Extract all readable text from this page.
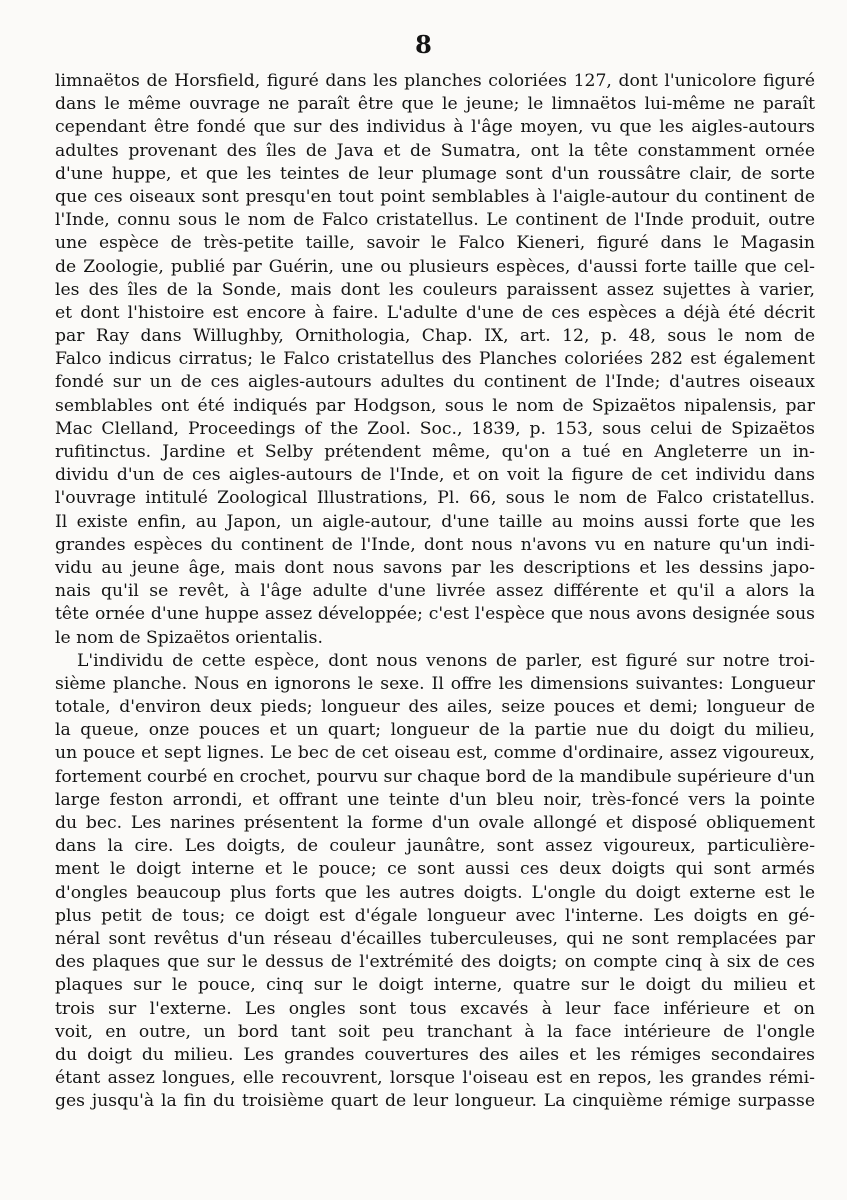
8
limnaëtos de Horsfield, figuré dans les planches coloriées 127, dont l'unicolore figuré
dans le même ouvrage ne paraît être que le jeune; le limnaëtos lui-même ne paraît
cependant être fondé que sur des individus à l'âge moyen, vu que les aigles-autours
adultes provenant des îles de Java et de Sumatra, ont la tête constamment ornée
d'une huppe, et que les teintes de leur plumage sont d'un roussâtre clair, de sorte
que ces oiseaux sont presqu'en tout point semblables à l'aigle-autour du continent de
l'Inde, connu sous le nom de Falco cristatellus. Le continent de l'Inde produit, outre
une espèce de très-petite taille, savoir le Falco Kieneri, figuré dans le Magasin
de Zoologie, publié par Guérin, une ou plusieurs espèces, d'aussi forte taille que cel-
les des îles de la Sonde, mais dont les couleurs paraissent assez sujettes à varier,
et dont l'histoire est encore à faire. L'adulte d'une de ces espèces a déjà été décrit
par Ray dans Willughby, Ornithologia, Chap. IX, art. 12, p. 48, sous le nom de
Falco indicus cirratus; le Falco cristatellus des Planches coloriées 282 est également
fondé sur un de ces aigles-autours adultes du continent de l'Inde; d'autres oiseaux
semblables ont été indiqués par Hodgson, sous le nom de Spizaëtos nipalensis, par
Mac Clelland, Proceedings of the Zool. Soc., 1839, p. 153, sous celui de Spizaëtos
rufitinctus. Jardine et Selby prétendent même, qu'on a tué en Angleterre un in-
dividu d'un de ces aigles-autours de l'Inde, et on voit la figure de cet individu dans
l'ouvrage intitulé Zoological Illustrations, Pl. 66, sous le nom de Falco cristatellus.
Il existe enfin, au Japon, un aigle-autour, d'une taille au moins aussi forte que les
grandes espèces du continent de l'Inde, dont nous n'avons vu en nature qu'un indi-
vidu au jeune âge, mais dont nous savons par les descriptions et les dessins japo-
nais qu'il se revêt, à l'âge adulte d'une livrée assez différente et qu'il a alors la
tête ornée d'une huppe assez développée; c'est l'espèce que nous avons designée sous
le nom de Spizaëtos orientalis.
L'individu de cette espèce, dont nous venons de parler, est figuré sur notre troi-
sième planche. Nous en ignorons le sexe. Il offre les dimensions suivantes: Longueur
totale, d'environ deux pieds; longueur des ailes, seize pouces et demi; longueur de
la queue, onze pouces et un quart; longueur de la partie nue du doigt du milieu,
un pouce et sept lignes. Le bec de cet oiseau est, comme d'ordinaire, assez vigoureux,
fortement courbé en crochet, pourvu sur chaque bord de la mandibule supérieure d'un
large feston arrondi, et offrant une teinte d'un bleu noir, très-foncé vers la pointe
du bec. Les narines présentent la forme d'un ovale allongé et disposé obliquement
dans la cire. Les doigts, de couleur jaunâtre, sont assez vigoureux, particulière-
ment le doigt interne et le pouce; ce sont aussi ces deux doigts qui sont armés
d'ongles beaucoup plus forts que les autres doigts. L'ongle du doigt externe est le
plus petit de tous; ce doigt est d'égale longueur avec l'interne. Les doigts en gé-
néral sont revêtus d'un réseau d'écailles tuberculeuses, qui ne sont remplacées par
des plaques que sur le dessus de l'extrémité des doigts; on compte cinq à six de ces
plaques sur le pouce, cinq sur le doigt interne, quatre sur le doigt du milieu et
trois sur l'externe. Les ongles sont tous excavés à leur face inférieure et on
voit, en outre, un bord tant soit peu tranchant à la face intérieure de l'ongle
du doigt du milieu. Les grandes couvertures des ailes et les rémiges secondaires
étant assez longues, elle recouvrent, lorsque l'oiseau est en repos, les grandes rémi-
ges jusqu'à la fin du troisième quart de leur longueur. La cinquième rémige surpasse
